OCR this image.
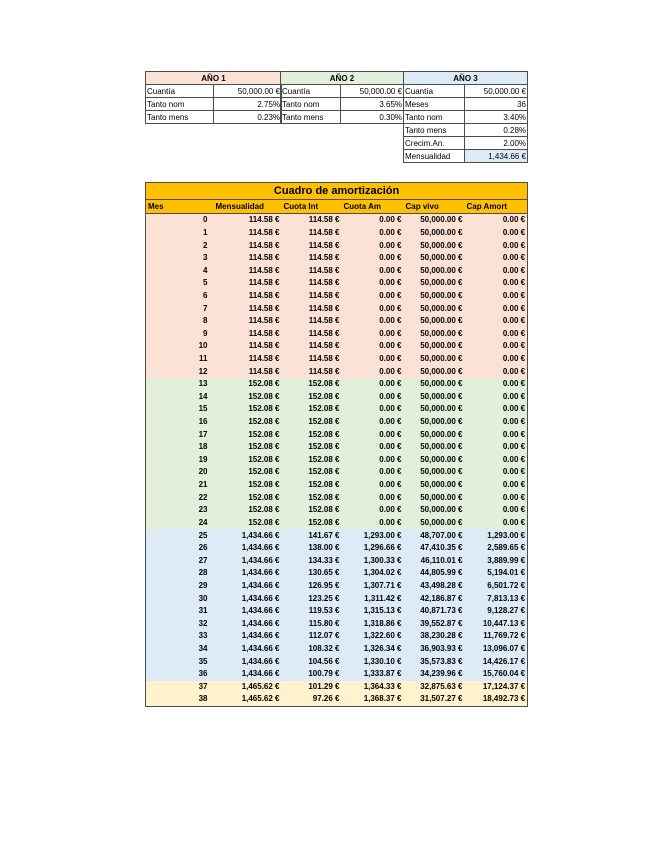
AÑO 1	
Cuantía	50,000.00 €
Tanto nom	2.75%
Tanto mens	0.23%
AÑO 2	
Cuantía	50,000.00 €
Tanto nom	3.65%
Tanto mens	0.30%
AÑO 3	
Cuantía	50,000.00 €
Meses	36
Tanto nom	3.40%
Tanto mens	0.28%
Crecim.An.	2.00%
Mensualidad	1,434.66 €
Cuadro de amortización					
Mes	Mensualidad	Cuota Int	Cuota Am	Cap vivo	Cap Amort
0	114.58 €	114.58 €	0.00 €	50,000.00 €	0.00 €
1	114.58 €	114.58 €	0.00 €	50,000.00 €	0.00 €
2	114.58 €	114.58 €	0.00 €	50,000.00 €	0.00 €
3	114.58 €	114.58 €	0.00 €	50,000.00 €	0.00 €
4	114.58 €	114.58 €	0.00 €	50,000.00 €	0.00 €
5	114.58 €	114.58 €	0.00 €	50,000.00 €	0.00 €
6	114.58 €	114.58 €	0.00 €	50,000.00 €	0.00 €
7	114.58 €	114.58 €	0.00 €	50,000.00 €	0.00 €
8	114.58 €	114.58 €	0.00 €	50,000.00 €	0.00 €
9	114.58 €	114.58 €	0.00 €	50,000.00 €	0.00 €
10	114.58 €	114.58 €	0.00 €	50,000.00 €	0.00 €
11	114.58 €	114.58 €	0.00 €	50,000.00 €	0.00 €
12	114.58 €	114.58 €	0.00 €	50,000.00 €	0.00 €
13	152.08 €	152.08 €	0.00 €	50,000.00 €	0.00 €
14	152.08 €	152.08 €	0.00 €	50,000.00 €	0.00 €
15	152.08 €	152.08 €	0.00 €	50,000.00 €	0.00 €
16	152.08 €	152.08 €	0.00 €	50,000.00 €	0.00 €
17	152.08 €	152.08 €	0.00 €	50,000.00 €	0.00 €
18	152.08 €	152.08 €	0.00 €	50,000.00 €	0.00 €
19	152.08 €	152.08 €	0.00 €	50,000.00 €	0.00 €
20	152.08 €	152.08 €	0.00 €	50,000.00 €	0.00 €
21	152.08 €	152.08 €	0.00 €	50,000.00 €	0.00 €
22	152.08 €	152.08 €	0.00 €	50,000.00 €	0.00 €
23	152.08 €	152.08 €	0.00 €	50,000.00 €	0.00 €
24	152.08 €	152.08 €	0.00 €	50,000.00 €	0.00 €
25	1,434.66 €	141.67 €	1,293.00 €	48,707.00 €	1,293.00 €
26	1,434.66 €	138.00 €	1,296.66 €	47,410.35 €	2,589.65 €
27	1,434.66 €	134.33 €	1,300.33 €	46,110.01 €	3,889.99 €
28	1,434.66 €	130.65 €	1,304.02 €	44,805.99 €	5,194.01 €
29	1,434.66 €	126.95 €	1,307.71 €	43,498.28 €	6,501.72 €
30	1,434.66 €	123.25 €	1,311.42 €	42,186.87 €	7,813.13 €
31	1,434.66 €	119.53 €	1,315.13 €	40,871.73 €	9,128.27 €
32	1,434.66 €	115.80 €	1,318.86 €	39,552.87 €	10,447.13 €
33	1,434.66 €	112.07 €	1,322.60 €	38,230.28 €	11,769.72 €
34	1,434.66 €	108.32 €	1,326.34 €	36,903.93 €	13,096.07 €
35	1,434.66 €	104.56 €	1,330.10 €	35,573.83 €	14,426.17 €
36	1,434.66 €	100.79 €	1,333.87 €	34,239.96 €	15,760.04 €
37	1,465.62 €	101.29 €	1,364.33 €	32,875.63 €	17,124.37 €
38	1,465.62 €	97.26 €	1,368.37 €	31,507.27 €	18,492.73 €
